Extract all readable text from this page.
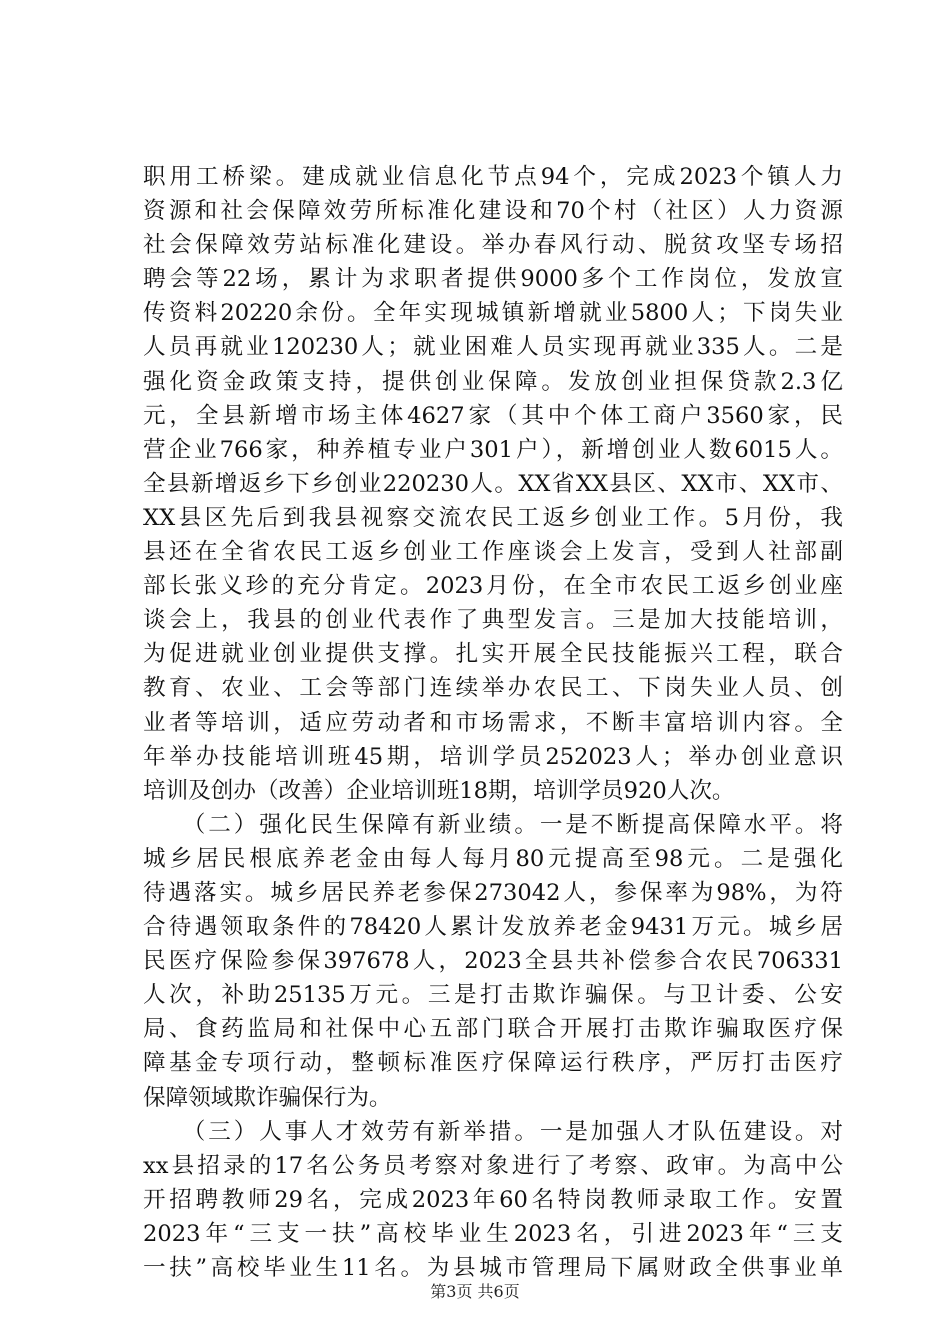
职用工桥梁。建成就业信息化节点94个，完成2023个镇人力
资源和社会保障效劳所标准化建设和70个村（社区）人力资源
社会保障效劳站标准化建设。举办春风行动、脱贫攻坚专场招
聘会等22场，累计为求职者提供9000多个工作岗位，发放宣
传资料20220余份。全年实现城镇新增就业5800人；下岗失业
人员再就业120230人；就业困难人员实现再就业335人。二是
强化资金政策支持，提供创业保障。发放创业担保贷款2.3亿
元，全县新增市场主体4627家（其中个体工商户3560家，民
营企业766家，种养植专业户301户），新增创业人数6015人。
全县新增返乡下乡创业220230人。XX省XX县区、XX市、XX市、
XX县区先后到我县视察交流农民工返乡创业工作。5月份，我
县还在全省农民工返乡创业工作座谈会上发言，受到人社部副
部长张义珍的充分肯定。2023月份，在全市农民工返乡创业座
谈会上，我县的创业代表作了典型发言。三是加大技能培训，
为促进就业创业提供支撑。扎实开展全民技能振兴工程，联合
教育、农业、工会等部门连续举办农民工、下岗失业人员、创
业者等培训，适应劳动者和市场需求，不断丰富培训内容。全
年举办技能培训班45期，培训学员252023人；举办创业意识
培训及创办（改善）企业培训班18期，培训学员920人次。
　　（二）强化民生保障有新业绩。一是不断提高保障水平。将
城乡居民根底养老金由每人每月80元提高至98元。二是强化
待遇落实。城乡居民养老参保273042人，参保率为98%，为符
合待遇领取条件的78420人累计发放养老金9431万元。城乡居
民医疗保险参保397678人，2023全县共补偿参合农民706331
人次，补助25135万元。三是打击欺诈骗保。与卫计委、公安
局、食药监局和社保中心五部门联合开展打击欺诈骗取医疗保
障基金专项行动，整顿标准医疗保障运行秩序，严厉打击医疗
保障领域欺诈骗保行为。
　　（三）人事人才效劳有新举措。一是加强人才队伍建设。对
xx县招录的17名公务员考察对象进行了考察、政审。为高中公
开招聘教师29名，完成2023年60名特岗教师录取工作。安置
2023年“三支一扶”高校毕业生2023名，引进2023年“三支
一扶”高校毕业生11名。为县城市管理局下属财政全供事业单
第3页 共6页
